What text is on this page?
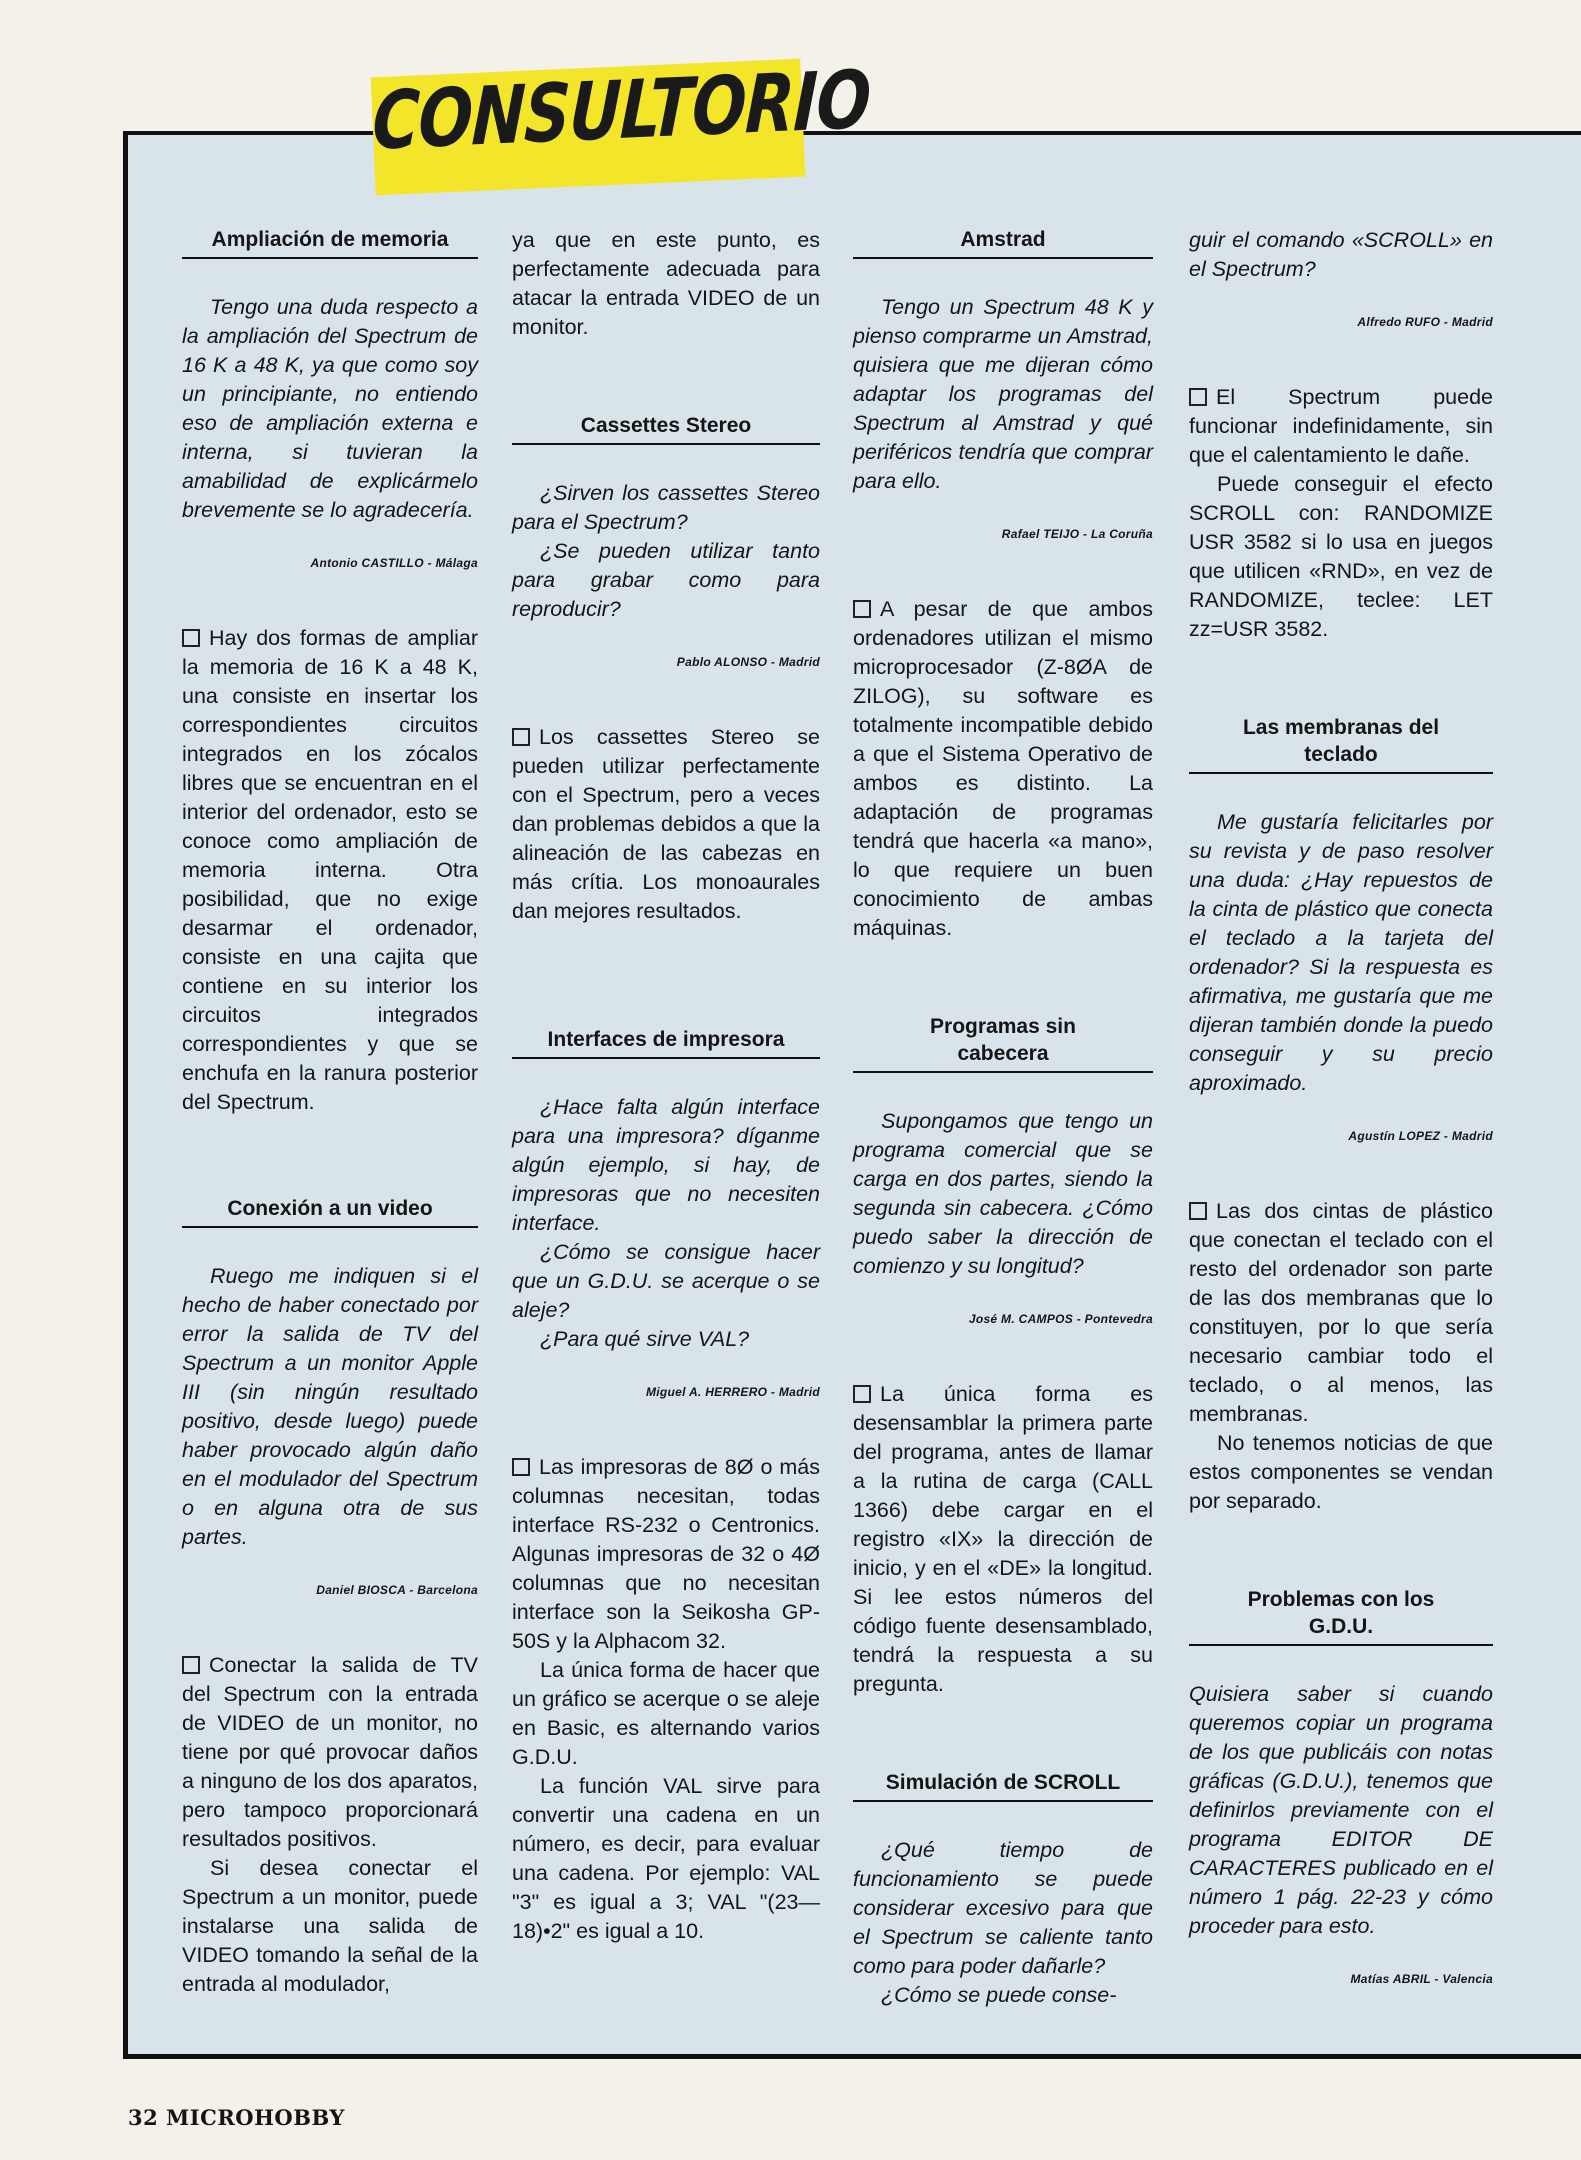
CONSULTORIO
Ampliación de memoria

Tengo una duda respecto a la ampliación del Spectrum de 16 K a 48 K, ya que como soy un principiante, no entiendo eso de ampliación externa e interna, si tuvieran la amabilidad de explicármelo brevemente se lo agradecería.

Antonio CASTILLO - Málaga

Hay dos formas de ampliar la memoria de 16 K a 48 K, una consiste en insertar los correspondientes circuitos integrados en los zócalos libres que se encuentran en el interior del ordenador, esto se conoce como ampliación de memoria interna. Otra posibilidad, que no exige desarmar el ordenador, consiste en una cajita que contiene en su interior los circuitos integrados correspondientes y que se enchufa en la ranura posterior del Spectrum.

Conexión a un video

Ruego me indiquen si el hecho de haber conectado por error la salida de TV del Spectrum a un monitor Apple III (sin ningún resultado positivo, desde luego) puede haber provocado algún daño en el modulador del Spectrum o en alguna otra de sus partes.

Daniel BIOSCA - Barcelona

Conectar la salida de TV del Spectrum con la entrada de VIDEO de un monitor, no tiene por qué provocar daños a ninguno de los dos aparatos, pero tampoco proporcionará resultados positivos.

Si desea conectar el Spectrum a un monitor, puede instalarse una salida de VIDEO tomando la señal de la entrada al modulador,

ya que en este punto, es perfectamente adecuada para atacar la entrada VIDEO de un monitor.

Cassettes Stereo

¿Sirven los cassettes Stereo para el Spectrum?

¿Se pueden utilizar tanto para grabar como para reproducir?

Pablo ALONSO - Madrid

Los cassettes Stereo se pueden utilizar perfectamente con el Spectrum, pero a veces dan problemas debidos a que la alineación de las cabezas en más crítia. Los monoaurales dan mejores resultados.

Interfaces de impresora

¿Hace falta algún interface para una impresora? díganme algún ejemplo, si hay, de impresoras que no necesiten interface.

¿Cómo se consigue hacer que un G.D.U. se acerque o se aleje?

¿Para qué sirve VAL?

Miguel A. HERRERO - Madrid

Las impresoras de 8Ø o más columnas necesitan, todas interface RS-232 o Centronics. Algunas impresoras de 32 o 4Ø columnas que no necesitan interface son la Seikosha GP-50S y la Alphacom 32.

La única forma de hacer que un gráfico se acerque o se aleje en Basic, es alternando varios G.D.U.

La función VAL sirve para convertir una cadena en un número, es decir, para evaluar una cadena. Por ejemplo: VAL "3" es igual a 3; VAL "(23—18)•2" es igual a 10.

Amstrad

Tengo un Spectrum 48 K y pienso comprarme un Amstrad, quisiera que me dijeran cómo adaptar los programas del Spectrum al Amstrad y qué periféricos tendría que comprar para ello.

Rafael TEIJO - La Coruña

A pesar de que ambos ordenadores utilizan el mismo microprocesador (Z-8ØA de ZILOG), su software es totalmente incompatible debido a que el Sistema Operativo de ambos es distinto. La adaptación de programas tendrá que hacerla «a mano», lo que requiere un buen conocimiento de ambas máquinas.

Programas sin
cabecera

Supongamos que tengo un programa comercial que se carga en dos partes, siendo la segunda sin cabecera. ¿Cómo puedo saber la dirección de comienzo y su longitud?

José M. CAMPOS - Pontevedra

La única forma es desensamblar la primera parte del programa, antes de llamar a la rutina de carga (CALL 1366) debe cargar en el registro «IX» la dirección de inicio, y en el «DE» la longitud. Si lee estos números del código fuente desensamblado, tendrá la respuesta a su pregunta.

Simulación de SCROLL

¿Qué tiempo de funcionamiento se puede considerar excesivo para que el Spectrum se caliente tanto como para poder dañarle?

¿Cómo se puede conse-

guir el comando «SCROLL» en el Spectrum?

Alfredo RUFO - Madrid

El Spectrum puede funcionar indefinidamente, sin que el calentamiento le dañe.

Puede conseguir el efecto SCROLL con: RANDOMIZE USR 3582 si lo usa en juegos que utilicen «RND», en vez de RANDOMIZE, teclee: LET zz=USR 3582.

Las membranas del
teclado

Me gustaría felicitarles por su revista y de paso resolver una duda: ¿Hay repuestos de la cinta de plástico que conecta el teclado a la tarjeta del ordenador? Si la respuesta es afirmativa, me gustaría que me dijeran también donde la puedo conseguir y su precio aproximado.

Agustín LOPEZ - Madrid

Las dos cintas de plástico que conectan el teclado con el resto del ordenador son parte de las dos membranas que lo constituyen, por lo que sería necesario cambiar todo el teclado, o al menos, las membranas.

No tenemos noticias de que estos componentes se vendan por separado.

Problemas con los
G.D.U.

Quisiera saber si cuando queremos copiar un programa de los que publicáis con notas gráficas (G.D.U.), tenemos que definirlos previamente con el programa EDITOR DE CARACTERES publicado en el número 1 pág. 22-23 y cómo proceder para esto.

Matías ABRIL - Valencia
32 MICROHOBBY
